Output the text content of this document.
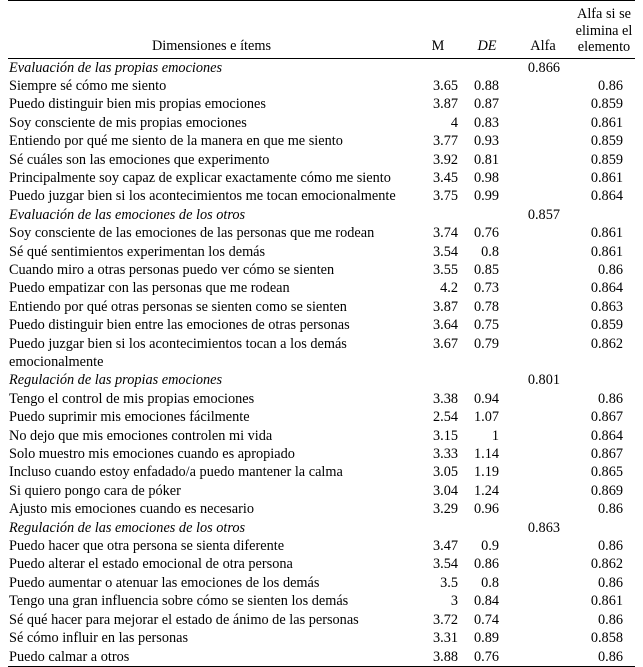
Dimensiones e ítems	M	DE	Alfa	Alfa si se
elimina el
elemento

Evaluación de las propias emociones			0.866	
Siempre sé cómo me siento	3.65	0.88		0.86
Puedo distinguir bien mis propias emociones	3.87	0.87		0.859
Soy consciente de mis propias emociones	4	0.83		0.861
Entiendo por qué me siento de la manera en que me siento	3.77	0.93		0.859
Sé cuáles son las emociones que experimento	3.92	0.81		0.859
Principalmente soy capaz de explicar exactamente cómo me siento	3.45	0.98		0.861
Puedo juzgar bien si los acontecimientos me tocan emocionalmente	3.75	0.99		0.864
Evaluación de las emociones de los otros			0.857	
Soy consciente de las emociones de las personas que me rodean	3.74	0.76		0.861
Sé qué sentimientos experimentan los demás	3.54	0.8		0.861
Cuando miro a otras personas puedo ver cómo se sienten	3.55	0.85		0.86
Puedo empatizar con las personas que me rodean	4.2	0.73		0.864
Entiendo por qué otras personas se sienten como se sienten	3.87	0.78		0.863
Puedo distinguir bien entre las emociones de otras personas	3.64	0.75		0.859
Puedo juzgar bien si los acontecimientos tocan a los demás	3.67	0.79		0.862
emocionalmente				
Regulación de las propias emociones			0.801	
Tengo el control de mis propias emociones	3.38	0.94		0.86
Puedo suprimir mis emociones fácilmente	2.54	1.07		0.867
No dejo que mis emociones controlen mi vida	3.15	1		0.864
Solo muestro mis emociones cuando es apropiado	3.33	1.14		0.867
Incluso cuando estoy enfadado/a puedo mantener la calma	3.05	1.19		0.865
Si quiero pongo cara de póker	3.04	1.24		0.869
Ajusto mis emociones cuando es necesario	3.29	0.96		0.86
Regulación de las emociones de los otros			0.863	
Puedo hacer que otra persona se sienta diferente	3.47	0.9		0.86
Puedo alterar el estado emocional de otra persona	3.54	0.86		0.862
Puedo aumentar o atenuar las emociones de los demás	3.5	0.8		0.86
Tengo una gran influencia sobre cómo se sienten los demás	3	0.84		0.861
Sé qué hacer para mejorar el estado de ánimo de las personas	3.72	0.74		0.86
Sé cómo influir en las personas	3.31	0.89		0.858
Puedo calmar a otros	3.88	0.76		0.86
